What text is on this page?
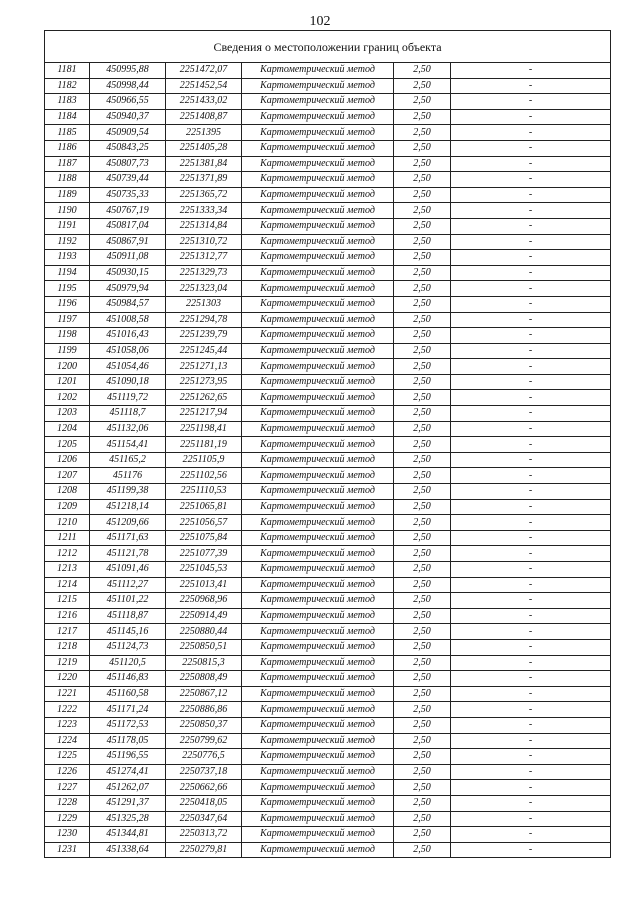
102
Сведения о местоположении границ объекта					
1181	450995,88	2251472,07	Картометрический метод	2,50	-
1182	450998,44	2251452,54	Картометрический метод	2,50	-
1183	450966,55	2251433,02	Картометрический метод	2,50	-
1184	450940,37	2251408,87	Картометрический метод	2,50	-
1185	450909,54	2251395	Картометрический метод	2,50	-
1186	450843,25	2251405,28	Картометрический метод	2,50	-
1187	450807,73	2251381,84	Картометрический метод	2,50	-
1188	450739,44	2251371,89	Картометрический метод	2,50	-
1189	450735,33	2251365,72	Картометрический метод	2,50	-
1190	450767,19	2251333,34	Картометрический метод	2,50	-
1191	450817,04	2251314,84	Картометрический метод	2,50	-
1192	450867,91	2251310,72	Картометрический метод	2,50	-
1193	450911,08	2251312,77	Картометрический метод	2,50	-
1194	450930,15	2251329,73	Картометрический метод	2,50	-
1195	450979,94	2251323,04	Картометрический метод	2,50	-
1196	450984,57	2251303	Картометрический метод	2,50	-
1197	451008,58	2251294,78	Картометрический метод	2,50	-
1198	451016,43	2251239,79	Картометрический метод	2,50	-
1199	451058,06	2251245,44	Картометрический метод	2,50	-
1200	451054,46	2251271,13	Картометрический метод	2,50	-
1201	451090,18	2251273,95	Картометрический метод	2,50	-
1202	451119,72	2251262,65	Картометрический метод	2,50	-
1203	451118,7	2251217,94	Картометрический метод	2,50	-
1204	451132,06	2251198,41	Картометрический метод	2,50	-
1205	451154,41	2251181,19	Картометрический метод	2,50	-
1206	451165,2	2251105,9	Картометрический метод	2,50	-
1207	451176	2251102,56	Картометрический метод	2,50	-
1208	451199,38	2251110,53	Картометрический метод	2,50	-
1209	451218,14	2251065,81	Картометрический метод	2,50	-
1210	451209,66	2251056,57	Картометрический метод	2,50	-
1211	451171,63	2251075,84	Картометрический метод	2,50	-
1212	451121,78	2251077,39	Картометрический метод	2,50	-
1213	451091,46	2251045,53	Картометрический метод	2,50	-
1214	451112,27	2251013,41	Картометрический метод	2,50	-
1215	451101,22	2250968,96	Картометрический метод	2,50	-
1216	451118,87	2250914,49	Картометрический метод	2,50	-
1217	451145,16	2250880,44	Картометрический метод	2,50	-
1218	451124,73	2250850,51	Картометрический метод	2,50	-
1219	451120,5	2250815,3	Картометрический метод	2,50	-
1220	451146,83	2250808,49	Картометрический метод	2,50	-
1221	451160,58	2250867,12	Картометрический метод	2,50	-
1222	451171,24	2250886,86	Картометрический метод	2,50	-
1223	451172,53	2250850,37	Картометрический метод	2,50	-
1224	451178,05	2250799,62	Картометрический метод	2,50	-
1225	451196,55	2250776,5	Картометрический метод	2,50	-
1226	451274,41	2250737,18	Картометрический метод	2,50	-
1227	451262,07	2250662,66	Картометрический метод	2,50	-
1228	451291,37	2250418,05	Картометрический метод	2,50	-
1229	451325,28	2250347,64	Картометрический метод	2,50	-
1230	451344,81	2250313,72	Картометрический метод	2,50	-
1231	451338,64	2250279,81	Картометрический метод	2,50	-
